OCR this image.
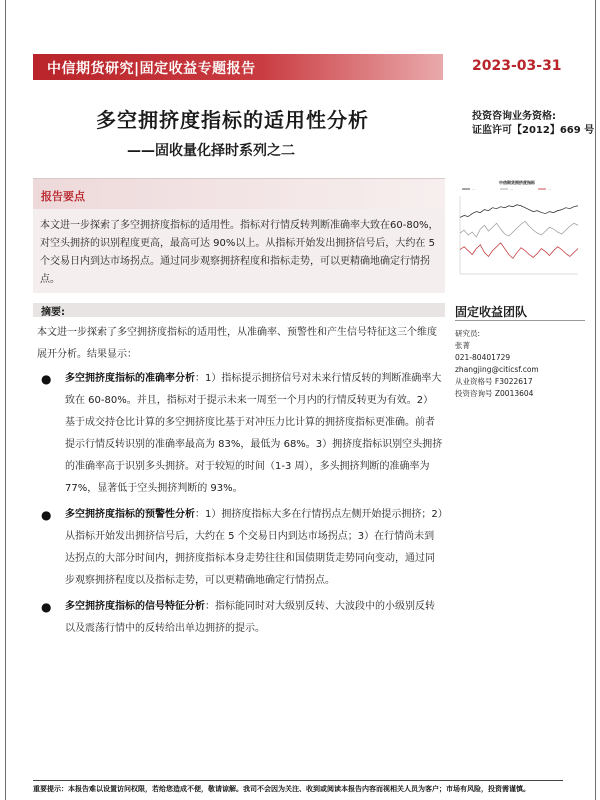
中信期货研究|固定收益专题报告	2023-03-31
多空拥挤度指标的适用性分析
——固收量化择时系列之二
投资咨询业务资格:
证监许可【2012】669 号
报告要点
本文进一步探索了多空拥挤度指标的适用性。指标对行情反转判断准确率大致在60-80%，对空头拥挤的识别程度更高，最高可达 90%以上。从指标开始发出拥挤信号后，大约在 5 个交易日内到达市场拐点。通过同步观察拥挤程度和指标走势，可以更精确地确定行情拐点。
中信期货拥挤度指标
一	一	一
摘要:
本文进一步探索了多空拥挤度指标的适用性，从准确率、预警性和产生信号特征这三个维度展开分析。结果显示：
● 多空拥挤度指标的准确率分析：1）指标提示拥挤信号对未来行情反转的判断准确率大致在 60-80%。并且，指标对于提示未来一周至一个月内的行情反转更为有效。2）基于成交持仓比计算的多空拥挤度比基于对冲压力比计算的拥挤度指标更准确。前者提示行情反转识别的准确率最高为 83%，最低为 68%。3）拥挤度指标识别空头拥挤的准确率高于识别多头拥挤。对于较短的时间（1-3 周），多头拥挤判断的准确率为 77%，显著低于空头拥挤判断的 93%。
● 多空拥挤度指标的预警性分析：1）拥挤度指标大多在行情拐点左侧开始提示拥挤；2）从指标开始发出拥挤信号后，大约在 5 个交易日内到达市场拐点；3）在行情尚未到达拐点的大部分时间内，拥挤度指标本身走势往往和国债期货走势同向变动，通过同步观察拥挤程度以及指标走势，可以更精确地确定行情拐点。
● 多空拥挤度指标的信号特征分析：指标能同时对大级别反转、大波段中的小级别反转以及震荡行情中的反转给出单边拥挤的提示。
固定收益团队
研究员:
张菁
021-80401729
zhangjing@citicsf.com
从业资格号 F3022617
投资咨询号 Z0013604
重要提示：本报告难以设置访问权限，若给您造成不便，敬请谅解。我司不会因为关注、收到或阅读本报告内容而视相关人员为客户；市场有风险，投资需谨慎。
